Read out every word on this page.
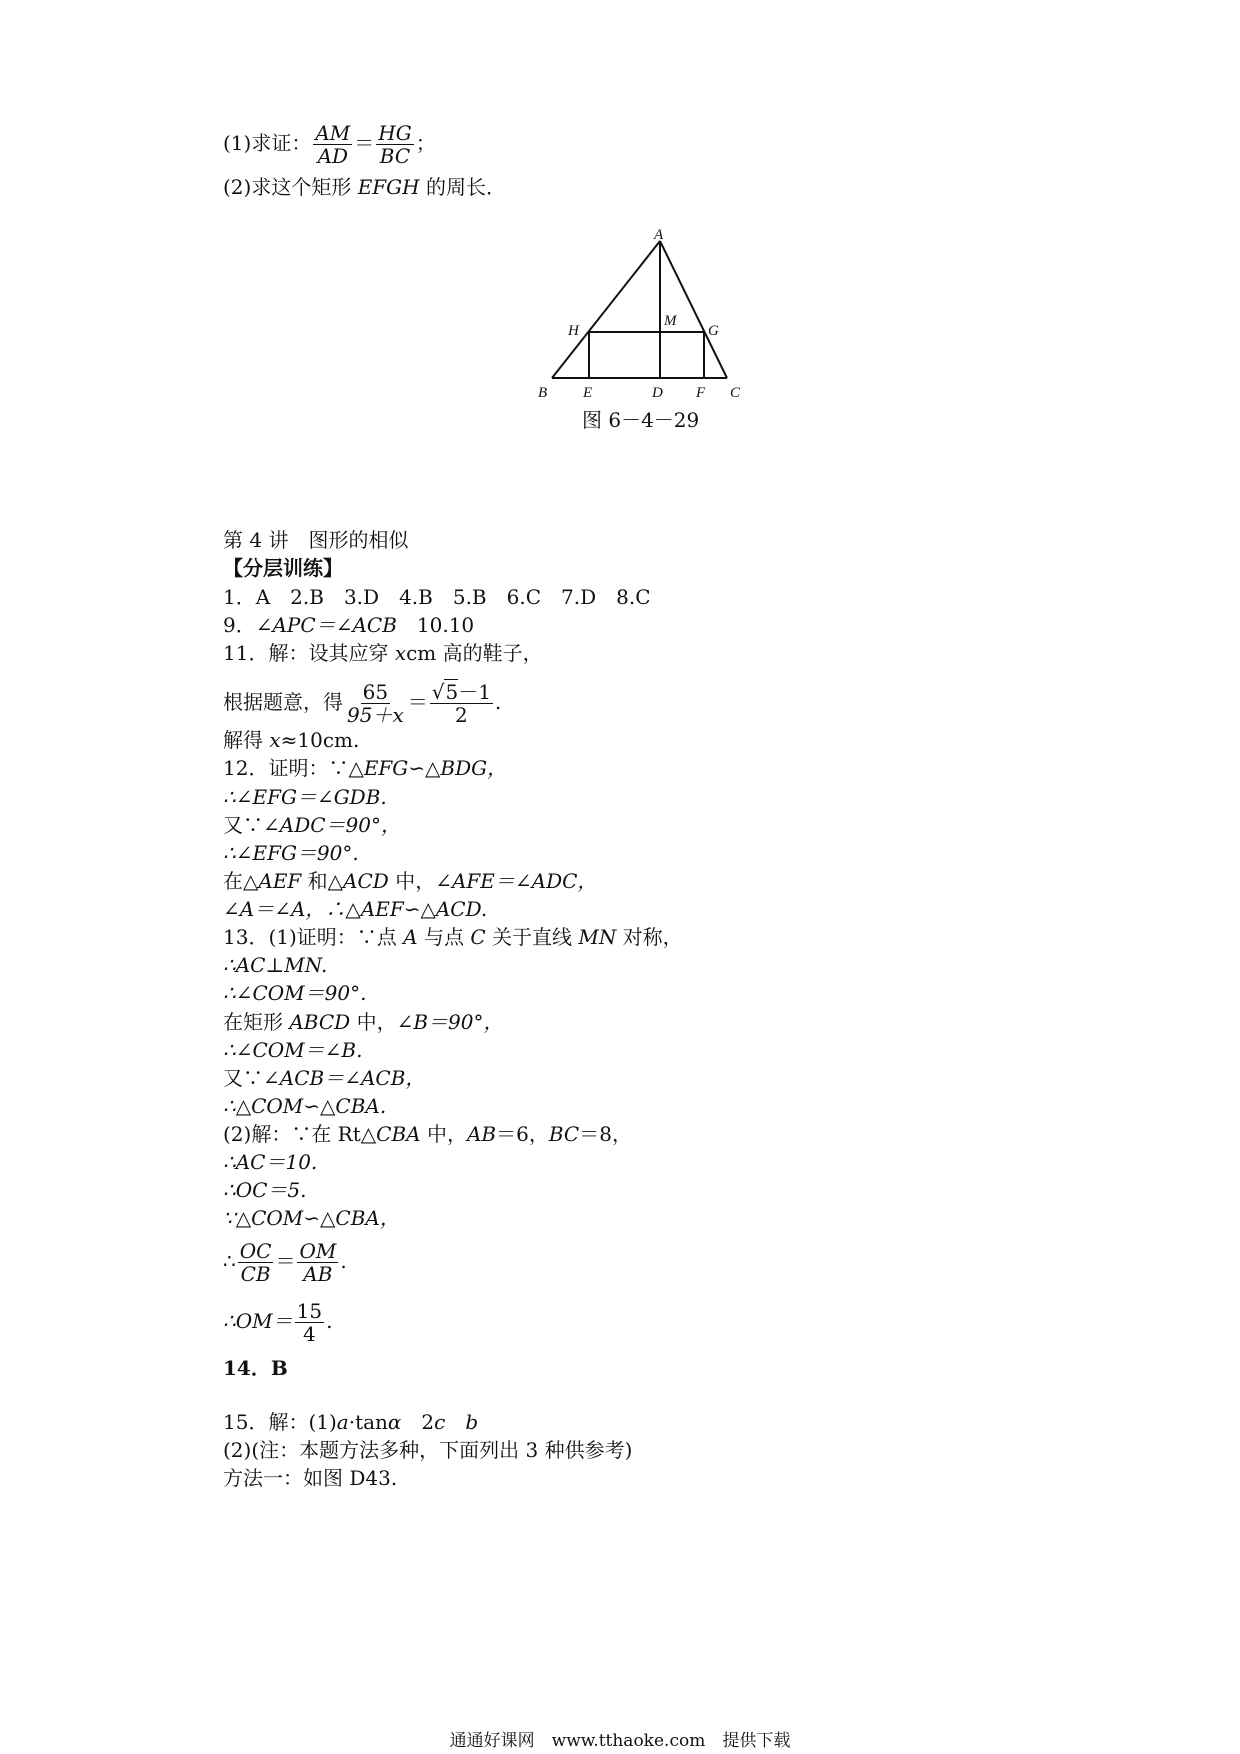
(1)求证： $\frac{AM}{AD} = \frac{HG}{BC}$ ；
(2)求这个矩形 EFGH 的周长．
A
B	C
D
E	F
G
H
M
图 6－4－29
第 4 讲　图形的相似
【分层训练】
1．A　2.B　3.D　4.B　5.B　6.C　7.D　8.C
9．∠APC＝∠ACB　10.10
11．解：设其应穿 xcm 高的鞋子，
根据题意，得 $\frac{65}{95+x} = \frac{√5-1}{2}$ .
解得 x≈10cm.
12．证明：∵△EFG∽△BDG，
∴∠EFG＝∠GDB.
又∵∠ADC＝90°，
∴∠EFG＝90°.
在△AEF 和△ACD 中，∠AFE＝∠ADC，
∠A＝∠A，∴△AEF∽△ACD.
13．(1)证明：∵点 A 与点 C 关于直线 MN 对称，
∴AC⊥MN.
∴∠COM＝90°.
在矩形 ABCD 中，∠B＝90°，
∴∠COM＝∠B.
又∵∠ACB＝∠ACB，
∴△COM∽△CBA.
(2)解：∵在 Rt△CBA 中，AB＝6，BC＝8，
∴AC＝10.
∴OC＝5.
∵△COM∽△CBA，
∴ $\frac{OC}{CB} = \frac{OM}{AB}$ .
∴OM＝ $\frac{15}{4}$ .
14．B
15．解：(1)a·tanα　2c　 b
(2)(注：本题方法多种，下面列出 3 种供参考)
方法一：如图 D43.
通通好课网　www.tthaoke.com　提供下载
